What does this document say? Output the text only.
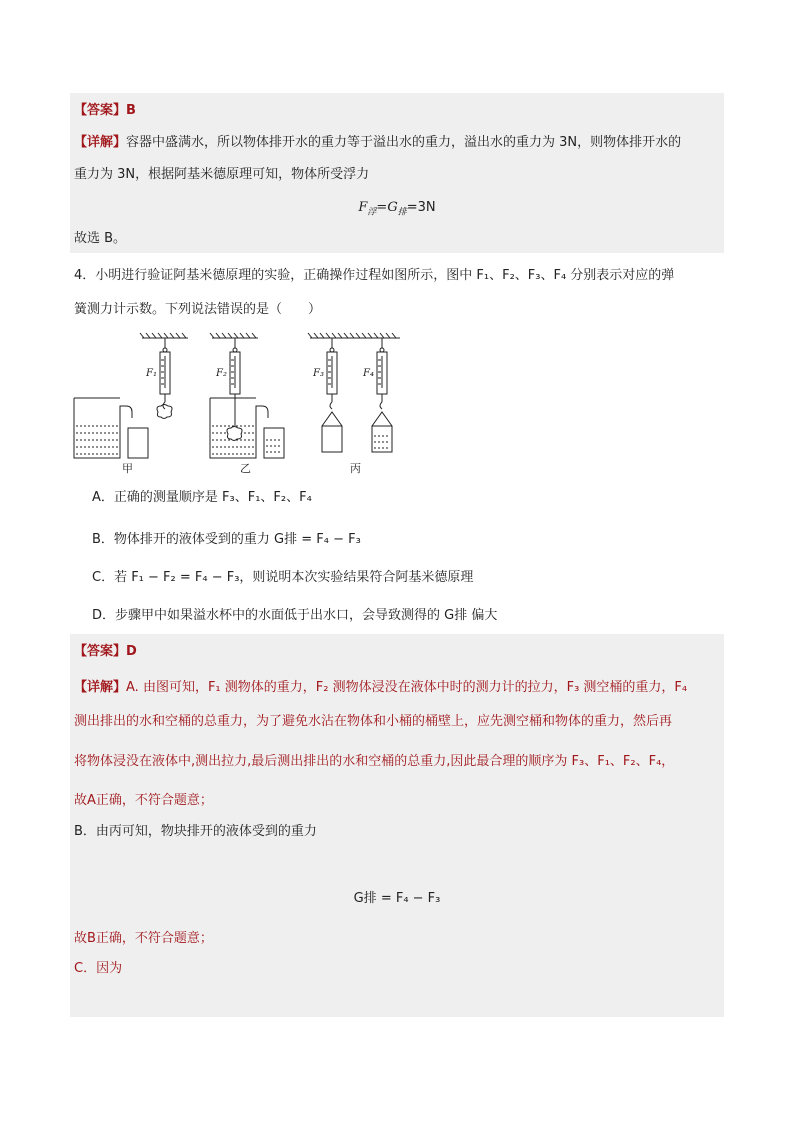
【答案】B
【详解】容器中盛满水，所以物体排开水的重力等于溢出水的重力，溢出水的重力为 3N，则物体排开水的
重力为 3N，根据阿基米德原理可知，物体所受浮力
$F_浮=G_排=3N$
故选 B。
4．小明进行验证阿基米德原理的实验，正确操作过程如图所示，图中 F₁、F₂、F₃、F₄ 分别表示对应的弹
簧测力计示数。下列说法错误的是（　　）
F₁	F₂	F₃	F₄
甲	乙	丙
A．正确的测量顺序是 F₃、F₁、F₂、F₄
B．物体排开的液体受到的重力 G排 = F₄ − F₃
C．若 F₁ − F₂ = F₄ − F₃，则说明本次实验结果符合阿基米德原理
D．步骤甲中如果溢水杯中的水面低于出水口，会导致测得的 G排 偏大
【答案】D
【详解】A. 由图可知，F₁ 测物体的重力，F₂ 测物体浸没在液体中时的测力计的拉力，F₃ 测空桶的重力，F₄
测出排出的水和空桶的总重力，为了避免水沾在物体和小桶的桶壁上，应先测空桶和物体的重力，然后再
将物体浸没在液体中,测出拉力,最后测出排出的水和空桶的总重力,因此最合理的顺序为 F₃、F₁、F₂、F₄，
故A正确，不符合题意；
B．由丙可知，物块排开的液体受到的重力
G排 = F₄ − F₃
故B正确，不符合题意；
C．因为
